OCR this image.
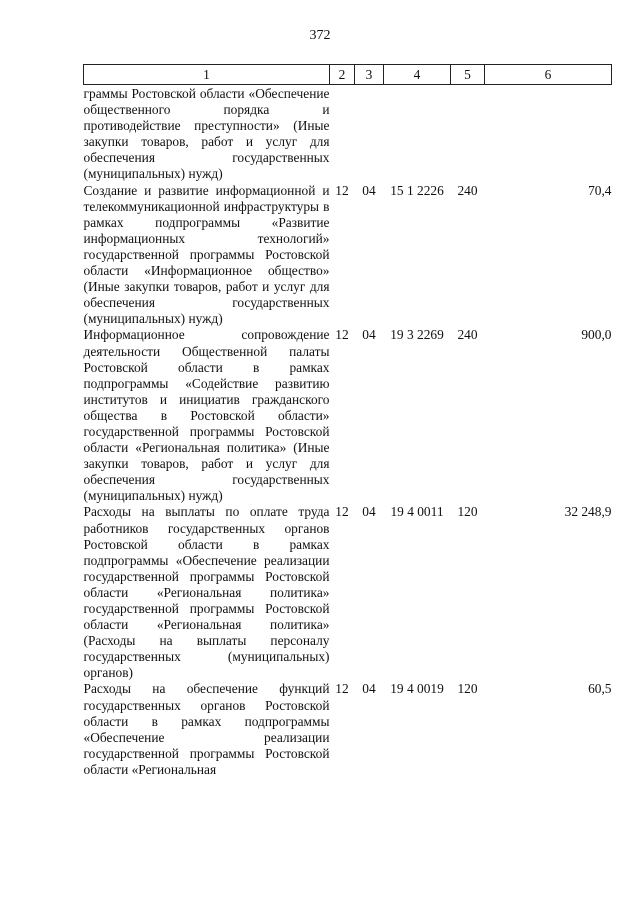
372
1	2	3	4	5	6
граммы Ростовской области «Обеспечение общественного порядка и противодействие преступности» (Иные закупки товаров, работ и услуг для обеспечения государственных (муниципальных) нужд)					
Создание и развитие информационной и телекоммуникационной инфраструктуры в рамках подпрограммы «Развитие информационных технологий» государственной программы Ростовской области «Информационное общество» (Иные закупки товаров, работ и услуг для обеспечения государственных (муниципальных) нужд)	12	04	15 1 2226	240	70,4
Информационное сопровождение деятельности Общественной палаты Ростовской области в рамках подпрограммы «Содействие развитию институтов и инициатив гражданского общества в Ростовской области» государственной программы Ростовской области «Региональная политика» (Иные закупки товаров, работ и услуг для обеспечения государственных (муниципальных) нужд)	12	04	19 3 2269	240	900,0
Расходы на выплаты по оплате труда работников государственных органов Ростовской области в рамках подпрограммы «Обеспечение реализации государственной программы Ростовской области «Региональная политика» государственной программы Ростовской области «Региональная политика» (Расходы на выплаты персоналу государственных (муниципальных) органов)	12	04	19 4 0011	120	32 248,9
Расходы на обеспечение функций государственных органов Ростовской области в рамках подпрограммы «Обеспечение реализации государственной программы Ростовской области «Региональная	12	04	19 4 0019	120	60,5
